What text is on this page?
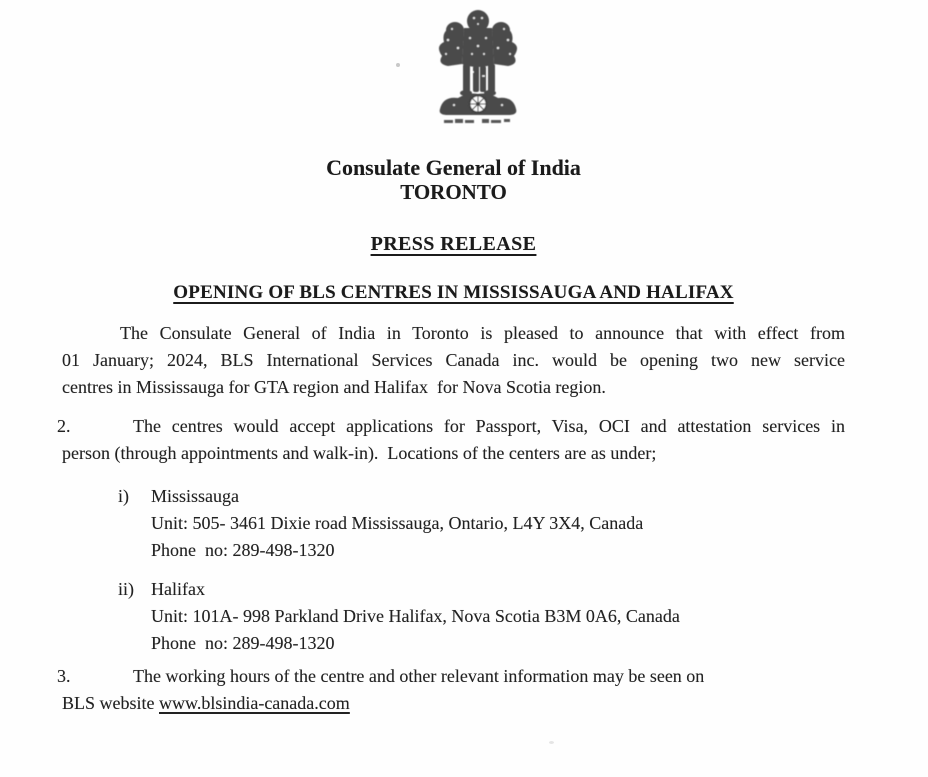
Consulate General of India
TORONTO
PRESS RELEASE
OPENING OF BLS CENTRES IN MISSISSAUGA AND HALIFAX
The Consulate General of India in Toronto is pleased to announce that with effect from
01 January; 2024, BLS International Services Canada inc. would be opening two new service
centres in Mississauga for GTA region and Halifax  for Nova Scotia region.
2.	The centres would accept applications for Passport, Visa, OCI and attestation services in
person (through appointments and walk-in).  Locations of the centers are as under;
i)	Mississauga
Unit: 505- 3461 Dixie road Mississauga, Ontario, L4Y 3X4, Canada
Phone  no: 289-498-1320
ii) Halifax
Unit: 101A- 998 Parkland Drive Halifax, Nova Scotia B3M 0A6, Canada
Phone  no: 289-498-1320
3.	The working hours of the centre and other relevant information may be seen on
BLS website www.blsindia-canada.com
